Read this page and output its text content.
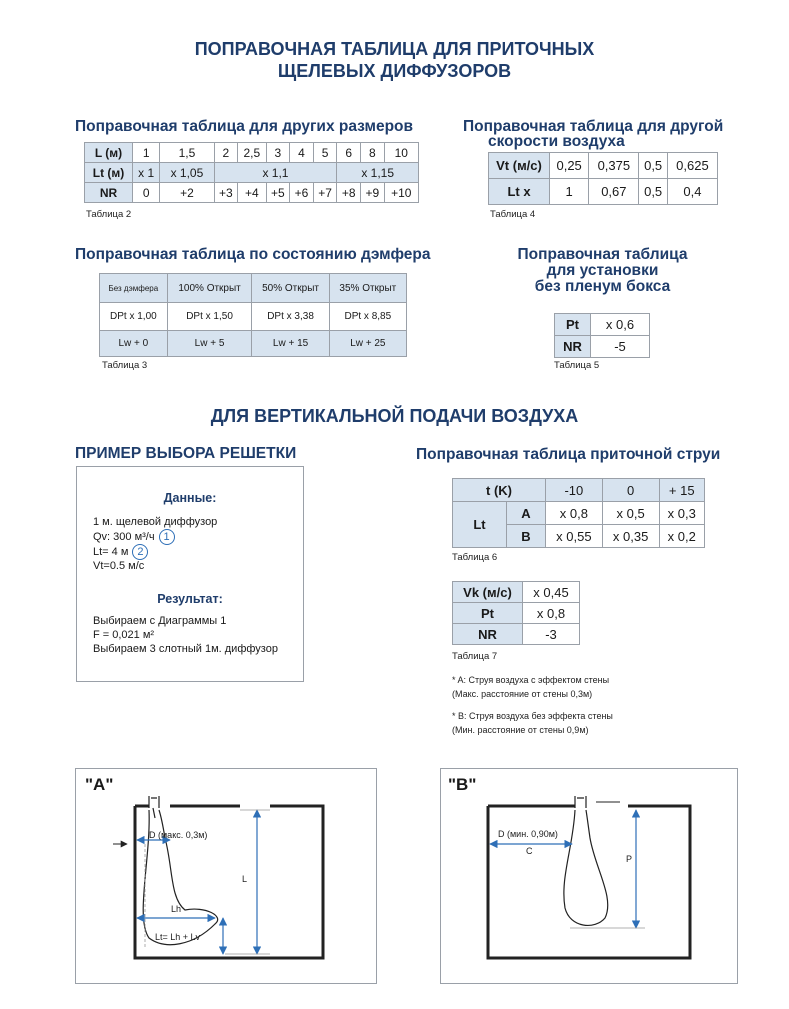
ПОПРАВОЧНАЯ ТАБЛИЦА ДЛЯ ПРИТОЧНЫХ
ЩЕЛЕВЫХ ДИФФУЗОРОВ
Поправочная таблица для других размеров
L (м)	1	1,5	2	2,5	3	4	5	6	8	10
Lt (м)	x 1	x 1,05	x 1,1					x 1,15		
NR	0	+2	+3	+4	+5	+6	+7	+8	+9	+10
Таблица 2
Поправочная таблица для другой
скорости воздуха
Vt (м/с)	0,25	0,375	0,5	0,625
Lt x	1	0,67	0,5	0,4
Таблица 4
Поправочная таблица по состоянию дэмфера
Без дэмфера	100% Открыт	50% Открыт	35% Открыт
DPt x 1,00	DPt x 1,50	DPt x 3,38	DPt x 8,85
Lw + 0	Lw + 5	Lw + 15	Lw + 25
Таблица 3
Поправочная таблица
для установки
без пленум бокса
Pt	x 0,6
NR	-5
Таблица 5
ДЛЯ ВЕРТИКАЛЬНОЙ ПОДАЧИ ВОЗДУХА
ПРИМЕР ВЫБОРА РЕШЕТКИ
Данные:
1 м. щелевой диффузор
Qv: 300 м³/ч 1
Lt= 4 м 2
Vt=0.5 м/с
Результат:
Выбираем с Диаграммы 1
F = 0,021 м²
Выбираем 3 слотный 1м. диффузор
Поправочная таблица приточной струи
t (K)		-10	0	+ 15
Lt	A	x 0,8	x 0,5	x 0,3
	B	x 0,55	x 0,35	x 0,2
Таблица 6
Vk (м/с)	x 0,45
Pt	x 0,8
NR	-3
Таблица 7
* A: Струя воздуха с эффектом стены
(Макс. расстояние от стены 0,3м)
* B: Струя воздуха без эффекта стены
(Мин. расстояние от стены 0,9м)
"A"
D (макс. 0,3м)
L
Lh
Lt= Lh + Lv
"B"
D (мин. 0,90м)
C
P
